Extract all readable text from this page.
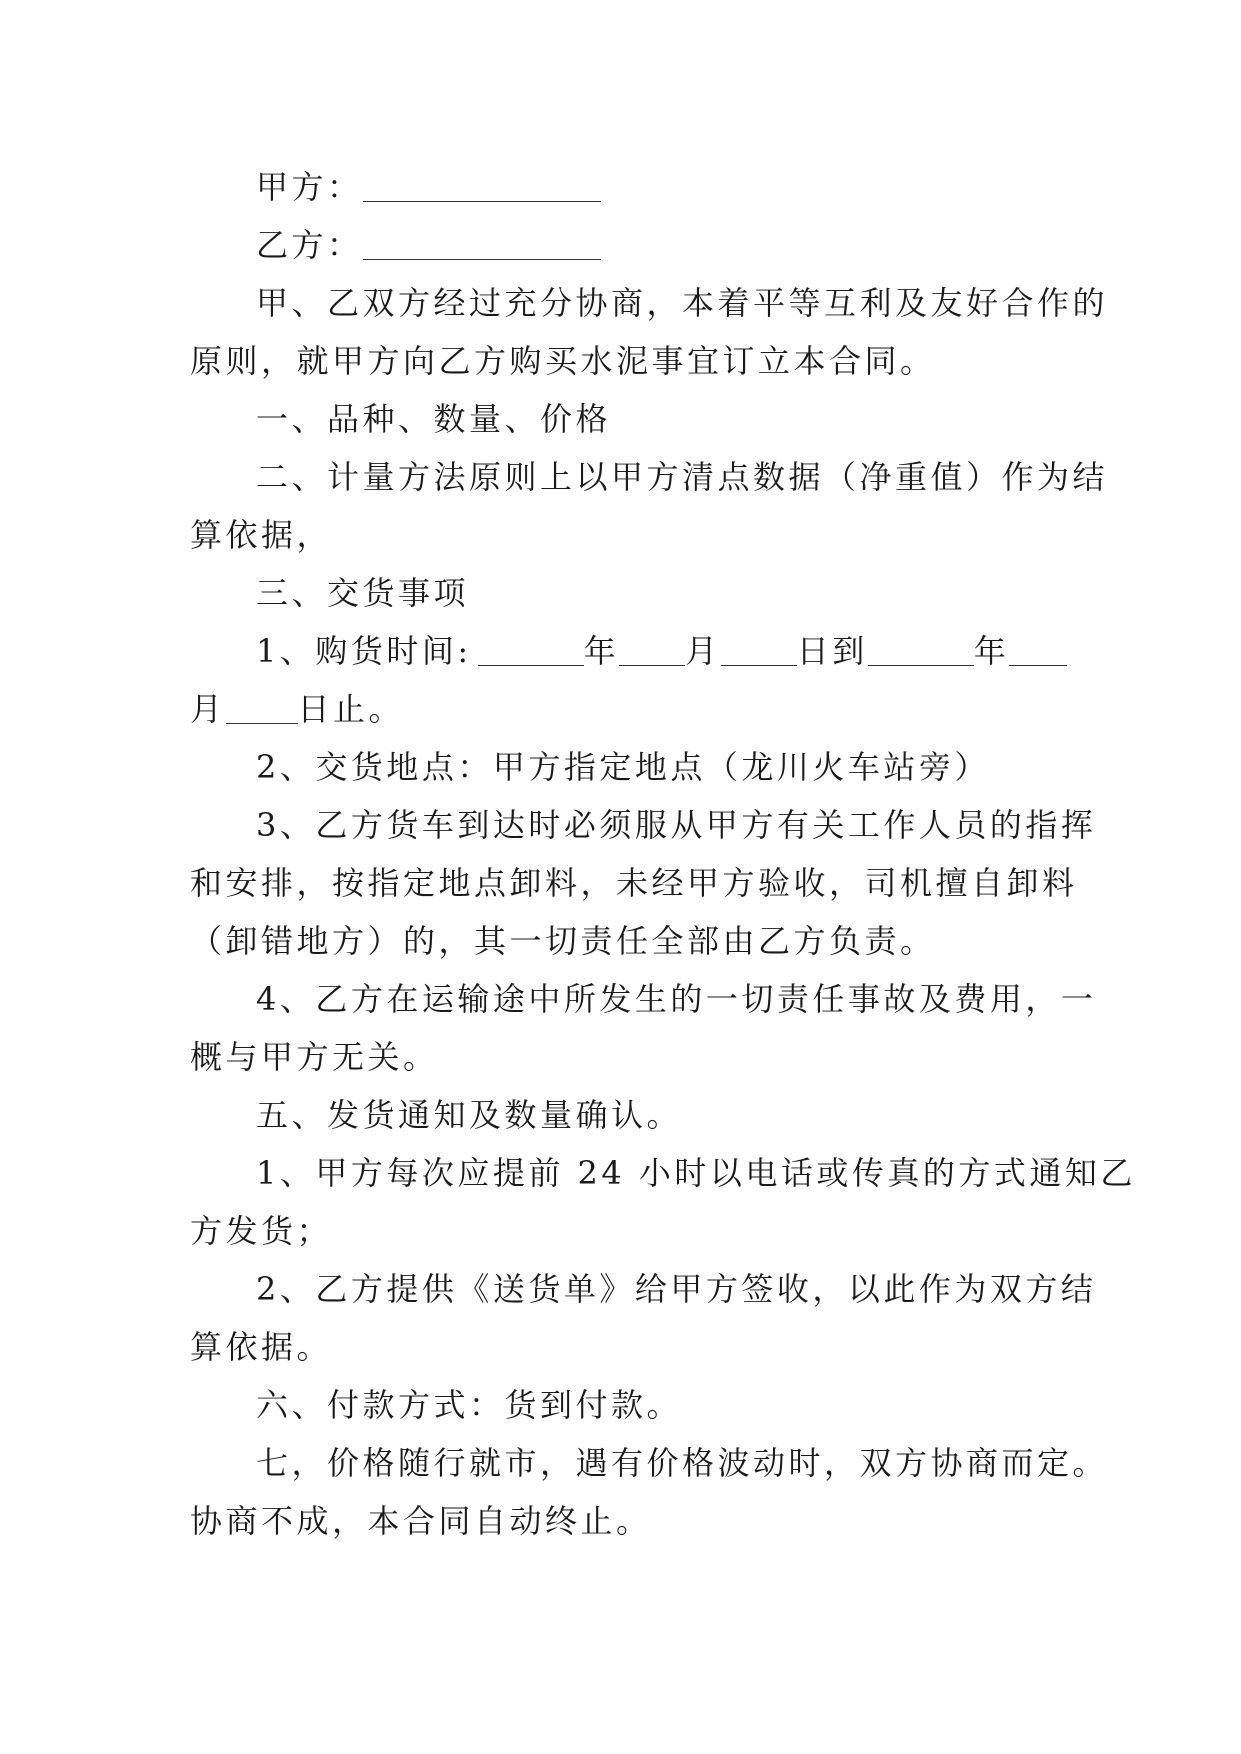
甲方：
乙方：
甲、乙双方经过充分协商，本着平等互利及友好合作的
原则，就甲方向乙方购买水泥事宜订立本合同。
一、品种、数量、价格
二、计量方法原则上以甲方清点数据（净重值）作为结
算依据，
三、交货事项
1、购货时间:	年 月 日到	年
月 日止。
2、交货地点：甲方指定地点（龙川火车站旁）
3、乙方货车到达时必须服从甲方有关工作人员的指挥
和安排，按指定地点卸料，未经甲方验收，司机擅自卸料
（卸错地方）的，其一切责任全部由乙方负责。
4、乙方在运输途中所发生的一切责任事故及费用，一
概与甲方无关。
五、发货通知及数量确认。
1、甲方每次应提前 24 小时以电话或传真的方式通知乙
方发货；
2、乙方提供《送货单》给甲方签收，以此作为双方结
算依据。
六、付款方式：货到付款。
七，价格随行就市，遇有价格波动时，双方协商而定。
协商不成，本合同自动终止。
